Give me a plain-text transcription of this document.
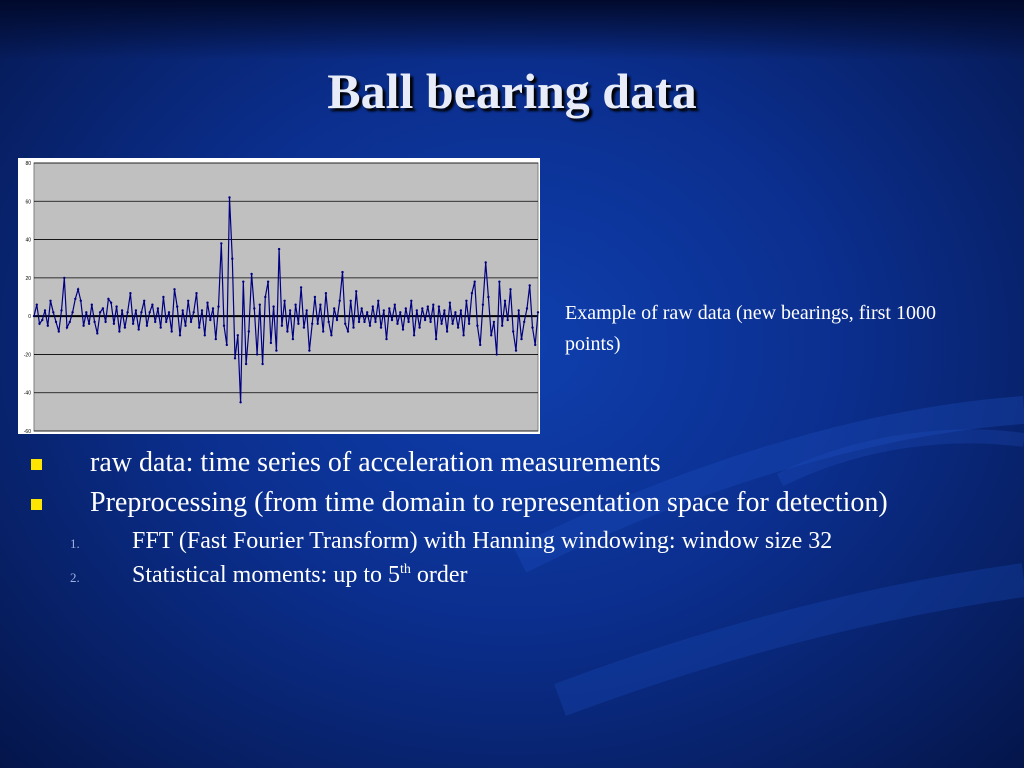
Ball bearing data
80
60
40
20
0
-20
-40
-60
Example of raw data (new bearings, first 1000 points)
raw data: time series of acceleration measurements
Preprocessing (from time domain to representation space for detection)
1. FFT (Fast Fourier Transform) with Hanning windowing: window size 32
2. Statistical moments: up to 5th order
